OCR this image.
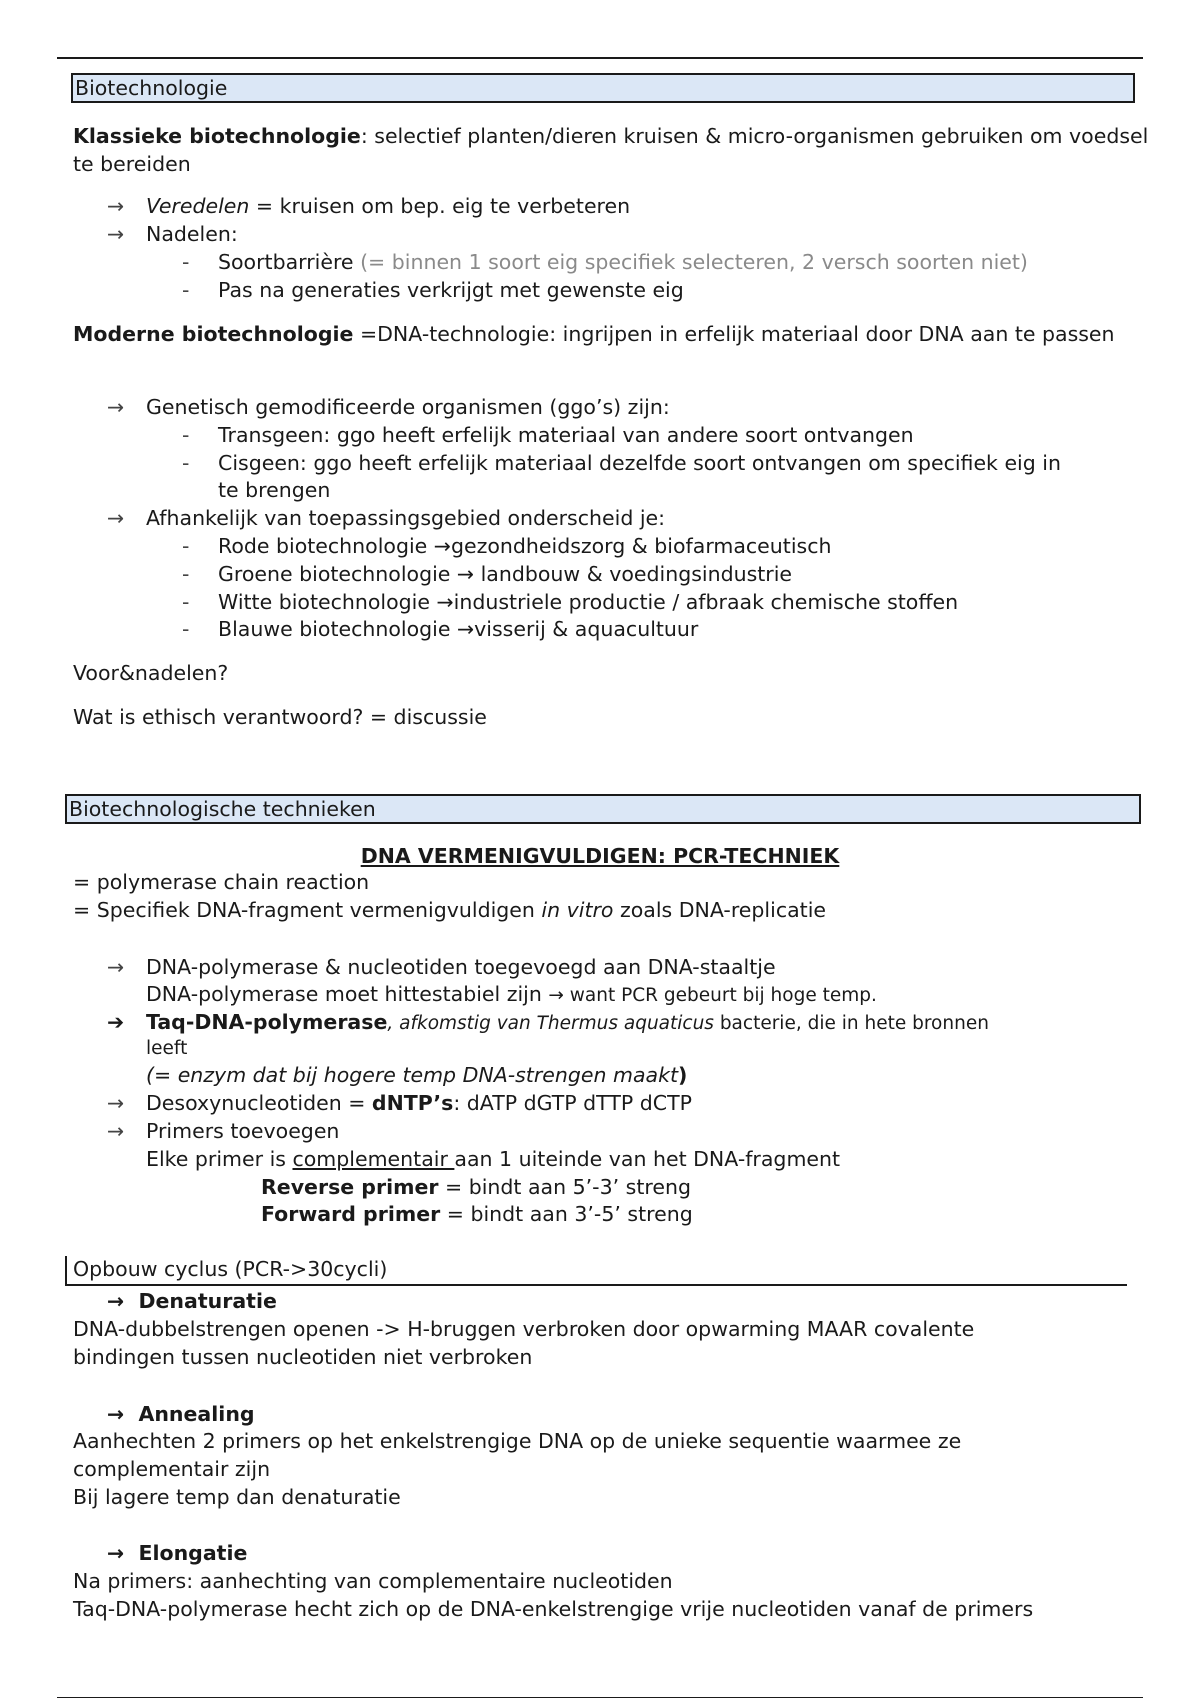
Biotechnologie

Klassieke biotechnologie: selectief planten/dieren kruisen & micro-organismen gebruiken om voedsel te bereiden

→ Veredelen = kruisen om bep. eig te verbeteren
→ Nadelen:
- Soortbarrière (= binnen 1 soort eig specifiek selecteren, 2 versch soorten niet)
- Pas na generaties verkrijgt met gewenste eig

Moderne biotechnologie =DNA-technologie: ingrijpen in erfelijk materiaal door DNA aan te passen

→ Genetisch gemodificeerde organismen (ggo’s) zijn:
- Transgeen: ggo heeft erfelijk materiaal van andere soort ontvangen
- Cisgeen: ggo heeft erfelijk materiaal dezelfde soort ontvangen om specifiek eig in
te brengen
→ Afhankelijk van toepassingsgebied onderscheid je:
- Rode biotechnologie →gezondheidszorg & biofarmaceutisch
- Groene biotechnologie → landbouw & voedingsindustrie
- Witte biotechnologie →industriele productie / afbraak chemische stoffen
- Blauwe biotechnologie →visserij & aquacultuur

Voor&nadelen?

Wat is ethisch verantwoord? = discussie

Biotechnologische technieken
DNA VERMENIGVULDIGEN: PCR-TECHNIEK

= polymerase chain reaction

= Specifiek DNA-fragment vermenigvuldigen in vitro zoals DNA-replicatie

→ DNA-polymerase & nucleotiden toegevoegd aan DNA-staaltje
DNA-polymerase moet hittestabiel zijn → want PCR gebeurt bij hoge temp.
➔ Taq-DNA-polymerase, afkomstig van Thermus aquaticus bacterie, die in hete bronnen
leeft
(= enzym dat bij hogere temp DNA-strengen maakt)
→ Desoxynucleotiden = dNTP’s: dATP dGTP dTTP dCTP
→ Primers toevoegen
Elke primer is complementair aan 1 uiteinde van het DNA-fragment
Reverse primer = bindt aan 5’-3’ streng
Forward primer = bindt aan 3’-5’ streng
Opbouw cyclus (PCR->30cycli)
→ Denaturatie

DNA-dubbelstrengen openen -> H-bruggen verbroken door opwarming MAAR covalente

bindingen tussen nucleotiden niet verbroken

→ Annealing

Aanhechten 2 primers op het enkelstrengige DNA op de unieke sequentie waarmee ze

complementair zijn

Bij lagere temp dan denaturatie

→ Elongatie

Na primers: aanhechting van complementaire nucleotiden

Taq-DNA-polymerase hecht zich op de DNA-enkelstrengige vrije nucleotiden vanaf de primers
